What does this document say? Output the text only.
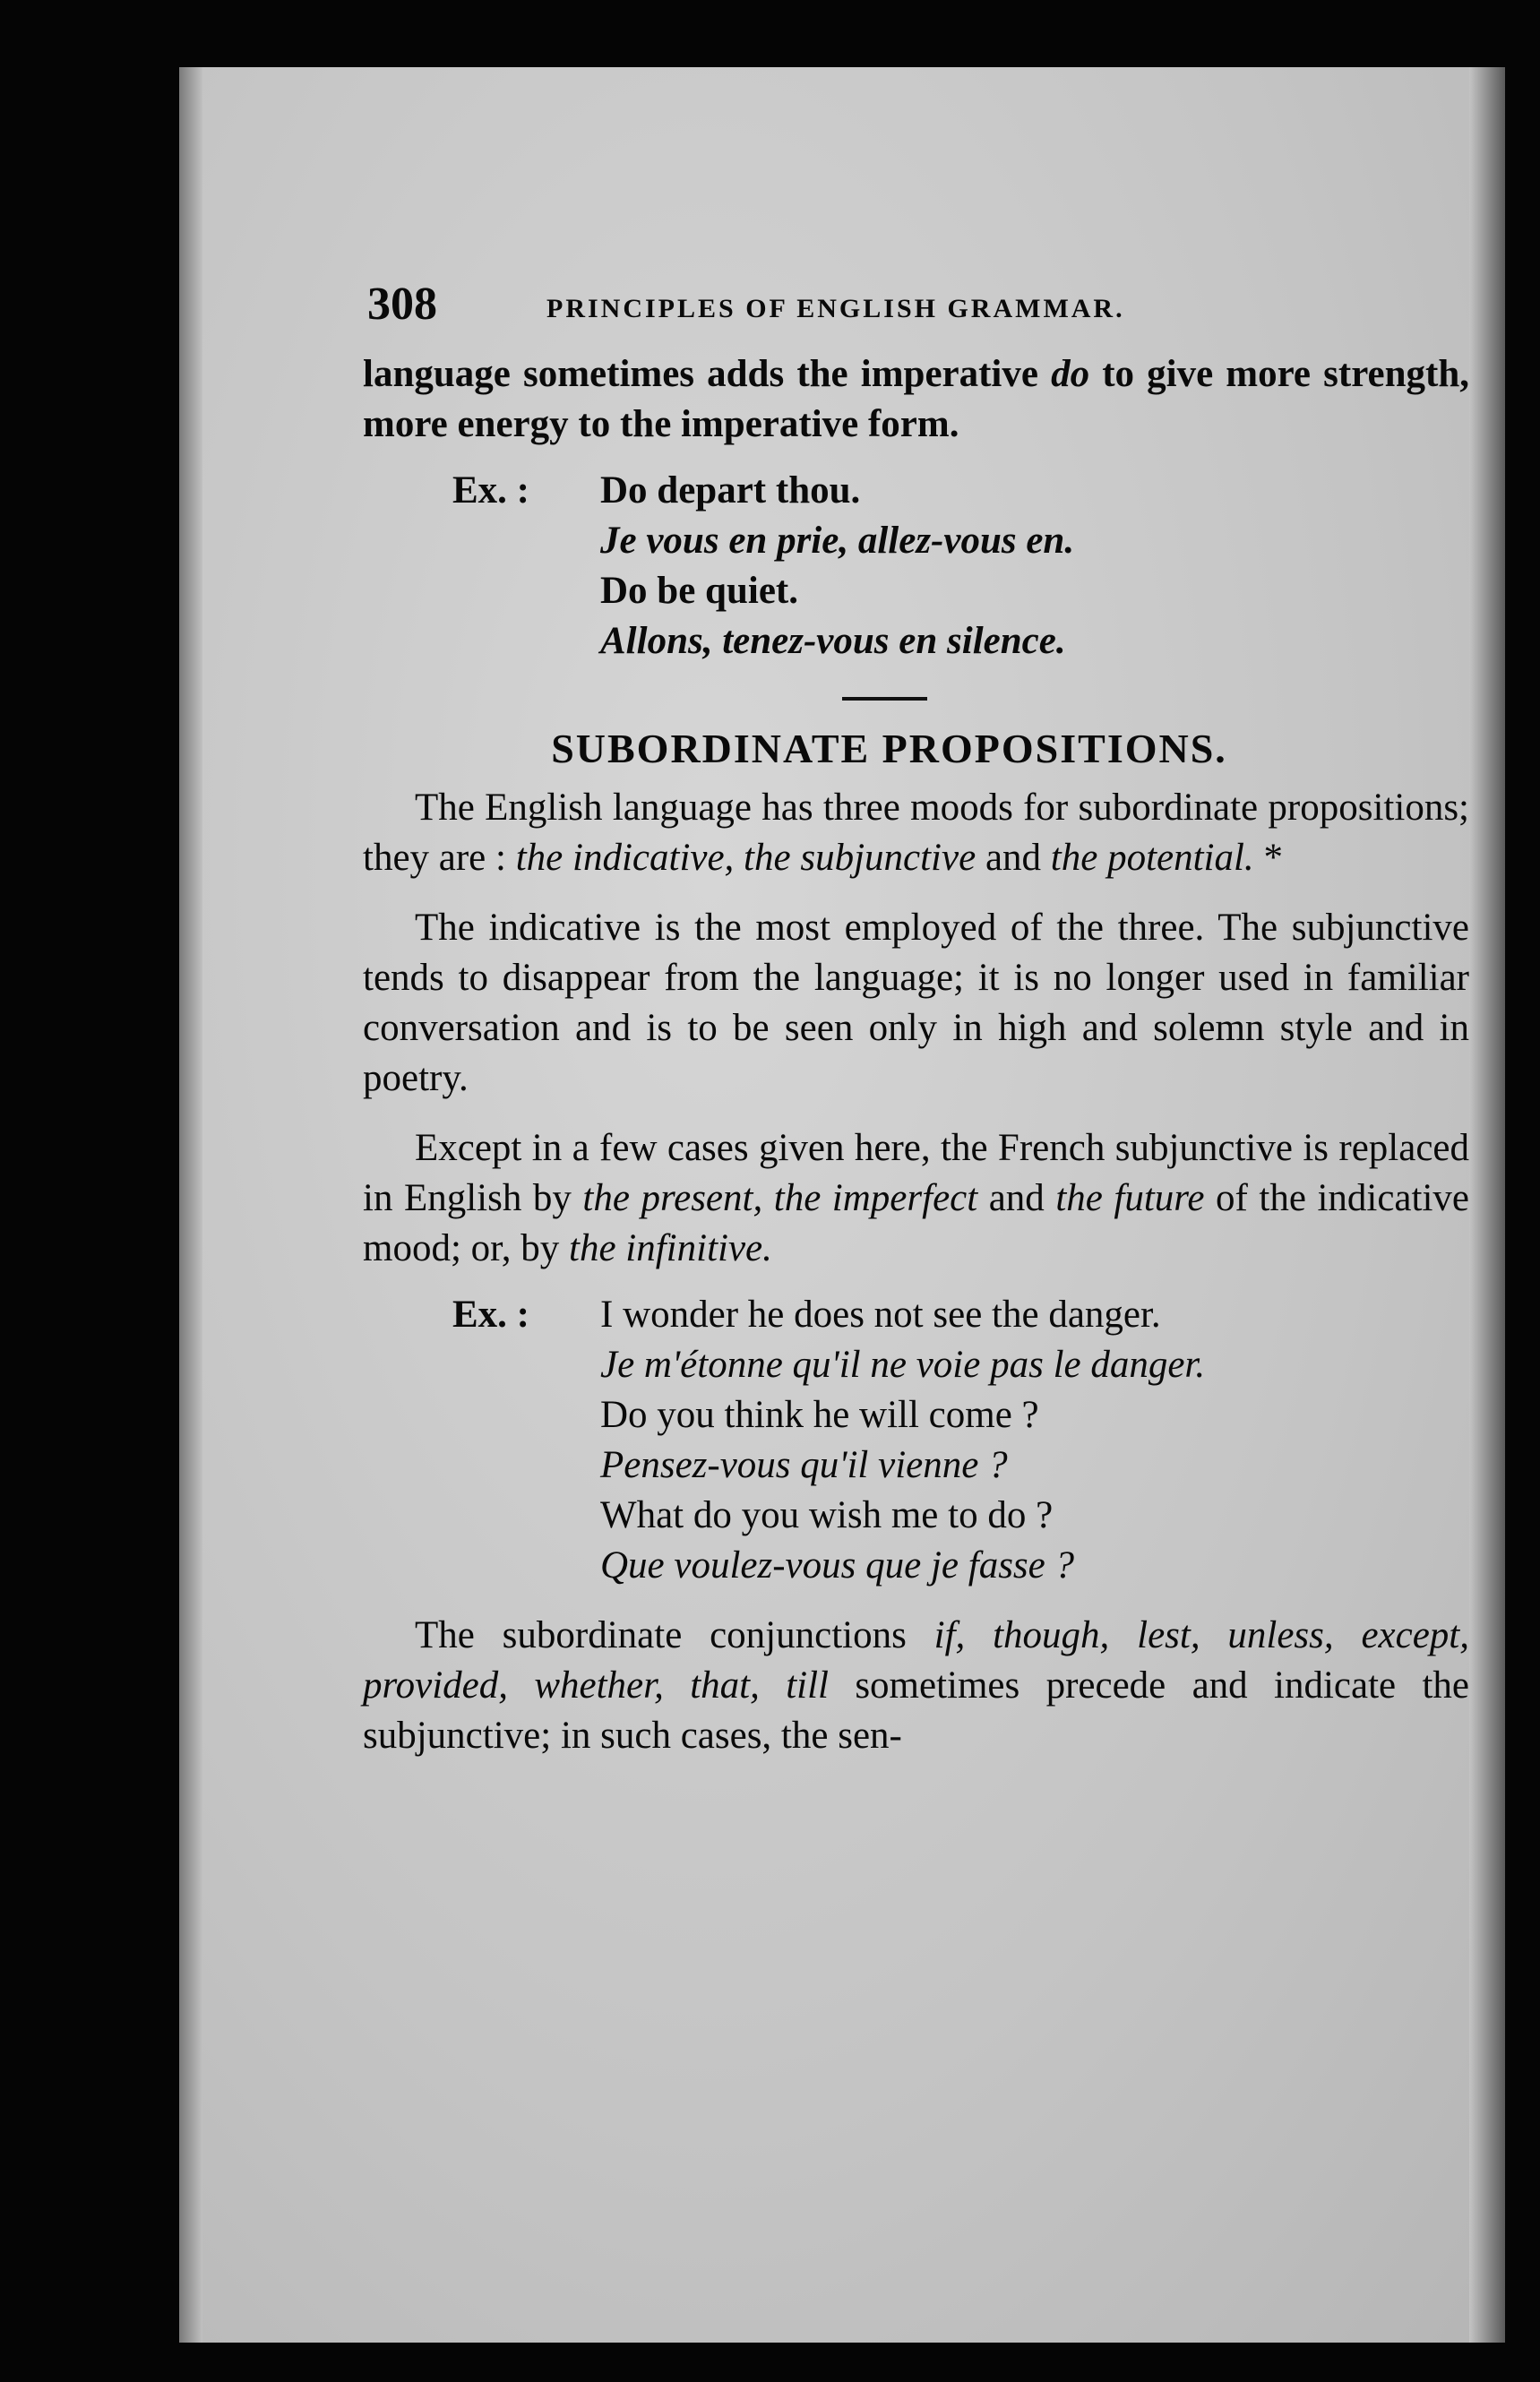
308	PRINCIPLES OF ENGLISH GRAMMAR.

language sometimes adds the imperative do to give more strength, more energy to the imperative form.

Ex. :	Do depart thou.
Je vous en prie, allez-vous en.
Do be quiet.
Allons, tenez-vous en silence.
SUBORDINATE PROPOSITIONS.

The English language has three moods for subordinate propositions; they are : the indicative, the subjunctive and the potential. *

The indicative is the most employed of the three. The subjunctive tends to disappear from the language; it is no longer used in familiar conversation and is to be seen only in high and solemn style and in poetry.

Except in a few cases given here, the French subjunctive is replaced in English by the present, the imperfect and the future of the indicative mood; or, by the infinitive.

Ex. :	I wonder he does not see the danger.
Je m'étonne qu'il ne voie pas le danger.
Do you think he will come ?
Pensez-vous qu'il vienne ?
What do you wish me to do ?
Que voulez-vous que je fasse ?

The subordinate conjunctions if, though, lest, unless, except, provided, whether, that, till sometimes precede and indicate the subjunctive; in such cases, the sen-
